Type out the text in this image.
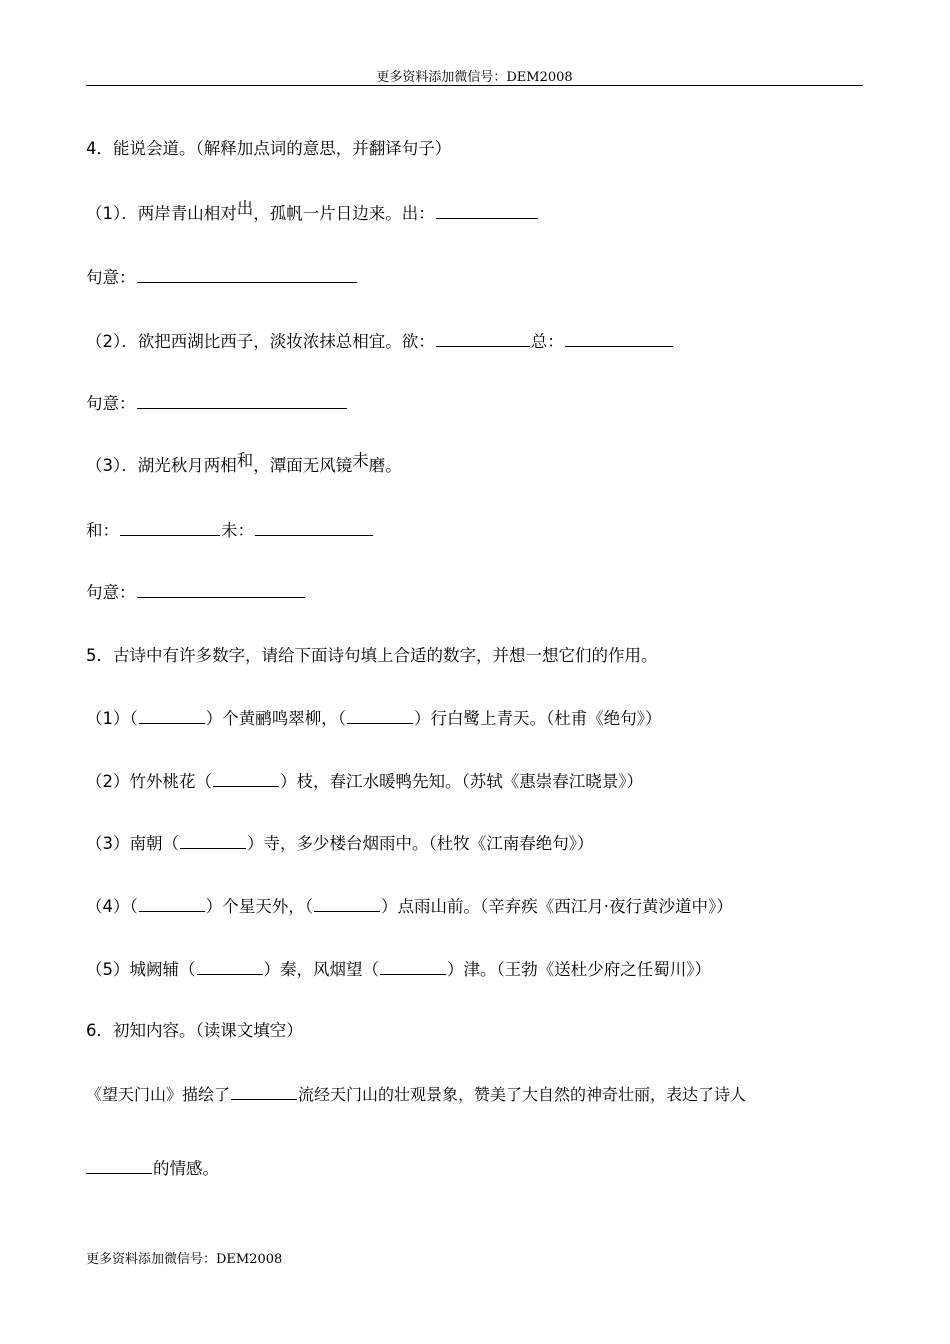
更多资料添加微信号：DEM2008
4．能说会道。（解释加点词的意思，并翻译句子）
（1）．两岸青山相对出，孤帆一片日边来。出：
句意：
（2）．欲把西湖比西子，淡妆浓抹总相宜。欲：	总：
句意：
（3）．湖光秋月两相和，潭面无风镜未磨。
和：	未：
句意：
5．古诗中有许多数字，请给下面诗句填上合适的数字，并想一想它们的作用。
（1）（	）个黄鹂鸣翠柳，（	）行白鹭上青天。（杜甫《绝句》）
（2）竹外桃花（	）枝，春江水暖鸭先知。（苏轼《惠崇春江晓景》）
（3）南朝（	）寺，多少楼台烟雨中。（杜牧《江南春绝句》）
（4）（	）个星天外，（	）点雨山前。（辛弃疾《西江月·夜行黄沙道中》）
（5）城阙辅（	）秦，风烟望（	）津。（王勃《送杜少府之任蜀川》）
6．初知内容。（读课文填空）
《望天门山》描绘了	流经天门山的壮观景象，赞美了大自然的神奇壮丽，表达了诗人
的情感。
更多资料添加微信号：DEM2008
